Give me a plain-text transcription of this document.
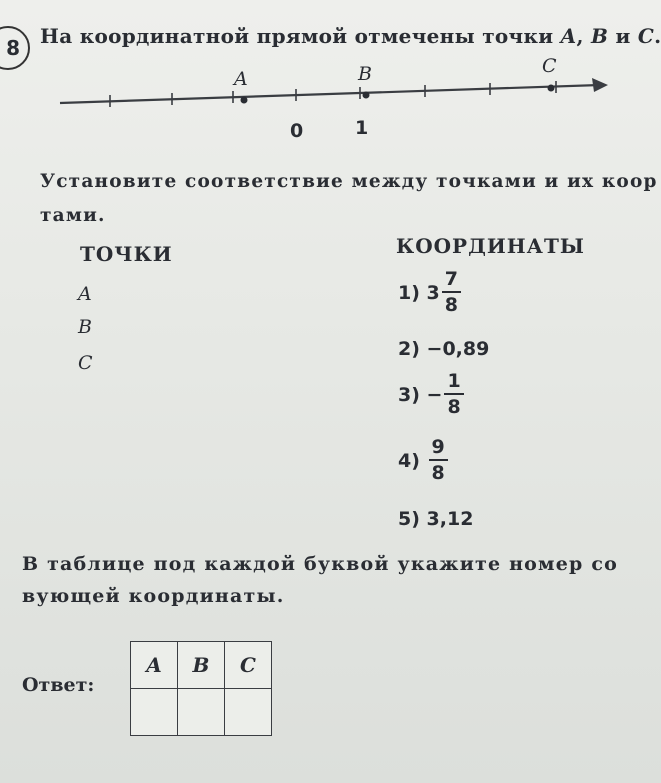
8 На координатной прямой отмечены точки A, B и C.
A	B	C
0	1
Установите соответствие между точками и их коор
тами.
ТОЧКИ	КООРДИНАТЫ
A
B
C
1)
$3 \frac{7}{8}$
2)
−0,89
3)
− $\frac{1}{8}$
4)
$\frac{9}{8}$
5)
3,12
В таблице под каждой буквой укажите номер со
вующей координаты.
Ответ:
A	B	C
